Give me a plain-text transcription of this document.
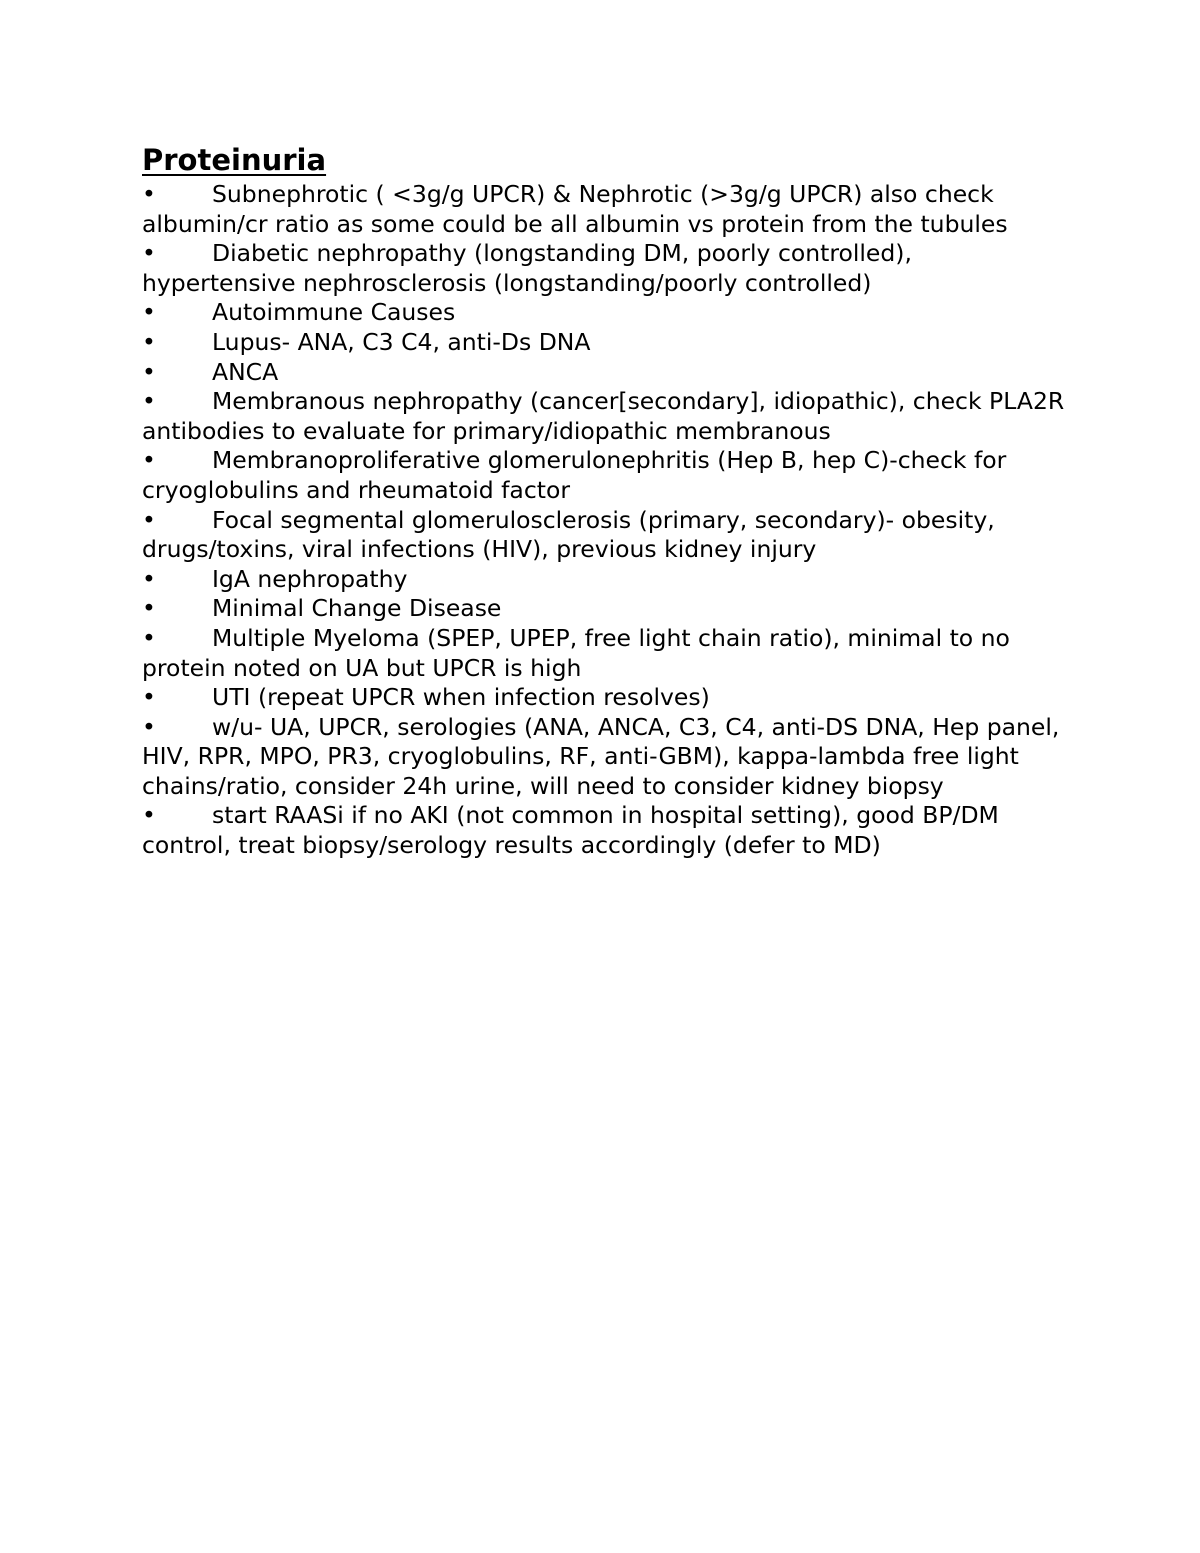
Proteinuria
• Subnephrotic ( <3g/g UPCR) & Nephrotic (>3g/g UPCR) also check albumin/cr ratio as some could be all albumin vs protein from the tubules
• Diabetic nephropathy (longstanding DM, poorly controlled), hypertensive nephrosclerosis (longstanding/poorly controlled)
• Autoimmune Causes
• Lupus- ANA, C3 C4, anti-Ds DNA
• ANCA
• Membranous nephropathy (cancer[secondary], idiopathic), check PLA2R antibodies to evaluate for primary/idiopathic membranous
• Membranoproliferative glomerulonephritis (Hep B, hep C)-check for cryoglobulins and rheumatoid factor
• Focal segmental glomerulosclerosis (primary, secondary)- obesity, drugs/toxins, viral infections (HIV), previous kidney injury
• IgA nephropathy
• Minimal Change Disease
• Multiple Myeloma (SPEP, UPEP, free light chain ratio), minimal to no protein noted on UA but UPCR is high
• UTI (repeat UPCR when infection resolves)
• w/u- UA, UPCR, serologies (ANA, ANCA, C3, C4, anti-DS DNA, Hep panel, HIV, RPR, MPO, PR3, cryoglobulins, RF, anti-GBM), kappa-lambda free light chains/ratio, consider 24h urine, will need to consider kidney biopsy
• start RAASi if no AKI (not common in hospital setting), good BP/DM control, treat biopsy/serology results accordingly (defer to MD)
